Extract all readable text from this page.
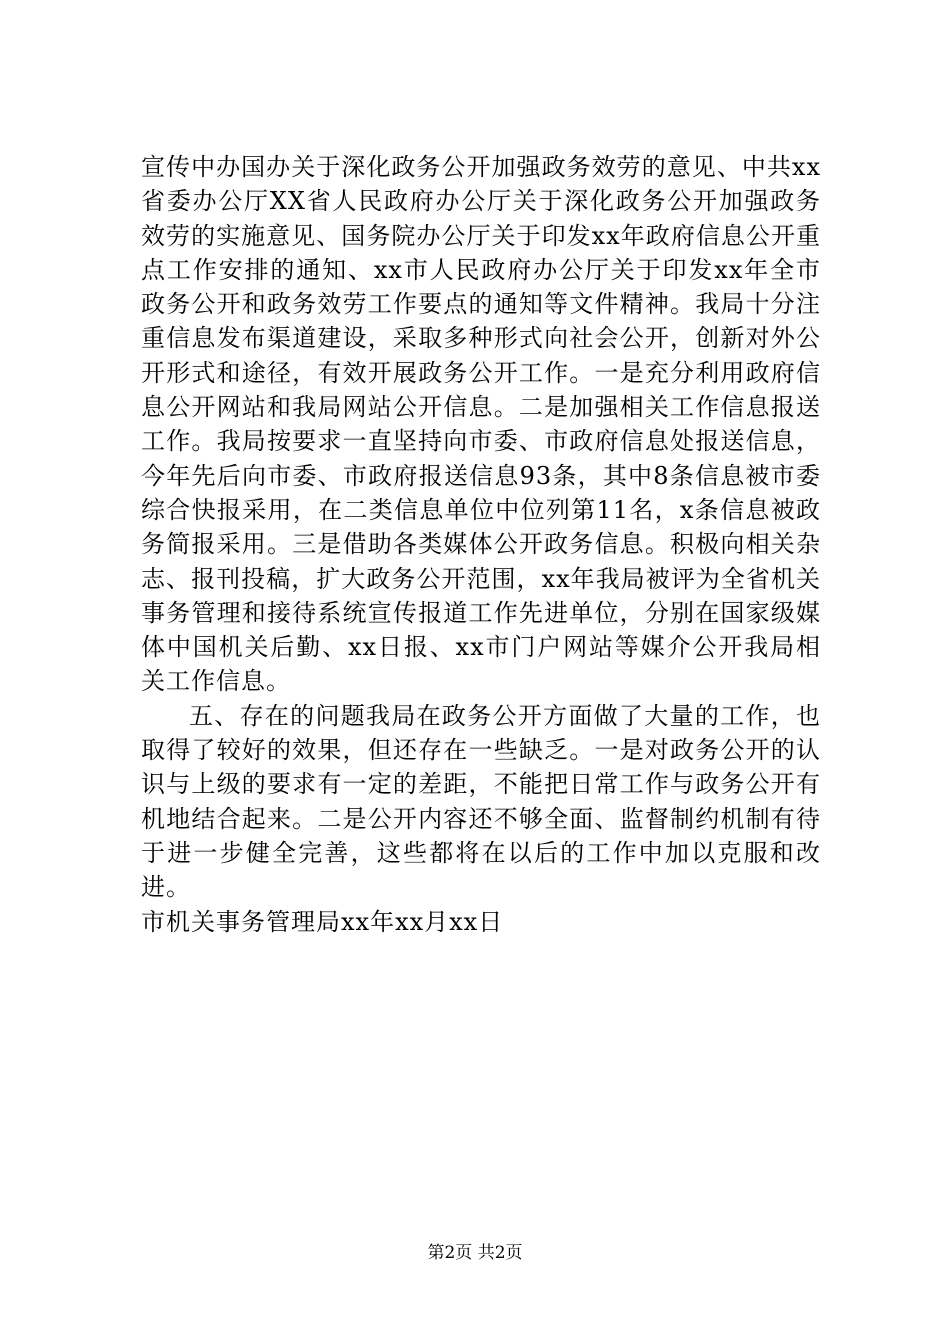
宣传中办国办关于深化政务公开加强政务效劳的意见、中共xx省委办公厅XX省人民政府办公厅关于深化政务公开加强政务效劳的实施意见、国务院办公厅关于印发xx年政府信息公开重点工作安排的通知、xx市人民政府办公厅关于印发xx年全市政务公开和政务效劳工作要点的通知等文件精神。我局十分注重信息发布渠道建设，采取多种形式向社会公开，创新对外公开形式和途径，有效开展政务公开工作。一是充分利用政府信息公开网站和我局网站公开信息。二是加强相关工作信息报送工作。我局按要求一直坚持向市委、市政府信息处报送信息，今年先后向市委、市政府报送信息93条，其中8条信息被市委综合快报采用，在二类信息单位中位列第11名，x条信息被政务简报采用。三是借助各类媒体公开政务信息。积极向相关杂志、报刊投稿，扩大政务公开范围，xx年我局被评为全省机关事务管理和接待系统宣传报道工作先进单位，分别在国家级媒体中国机关后勤、xx日报、xx市门户网站等媒介公开我局相关工作信息。

五、存在的问题我局在政务公开方面做了大量的工作，也取得了较好的效果，但还存在一些缺乏。一是对政务公开的认识与上级的要求有一定的差距，不能把日常工作与政务公开有机地结合起来。二是公开内容还不够全面、监督制约机制有待于进一步健全完善，这些都将在以后的工作中加以克服和改进。

市机关事务管理局xx年xx月xx日

第2页 共2页
